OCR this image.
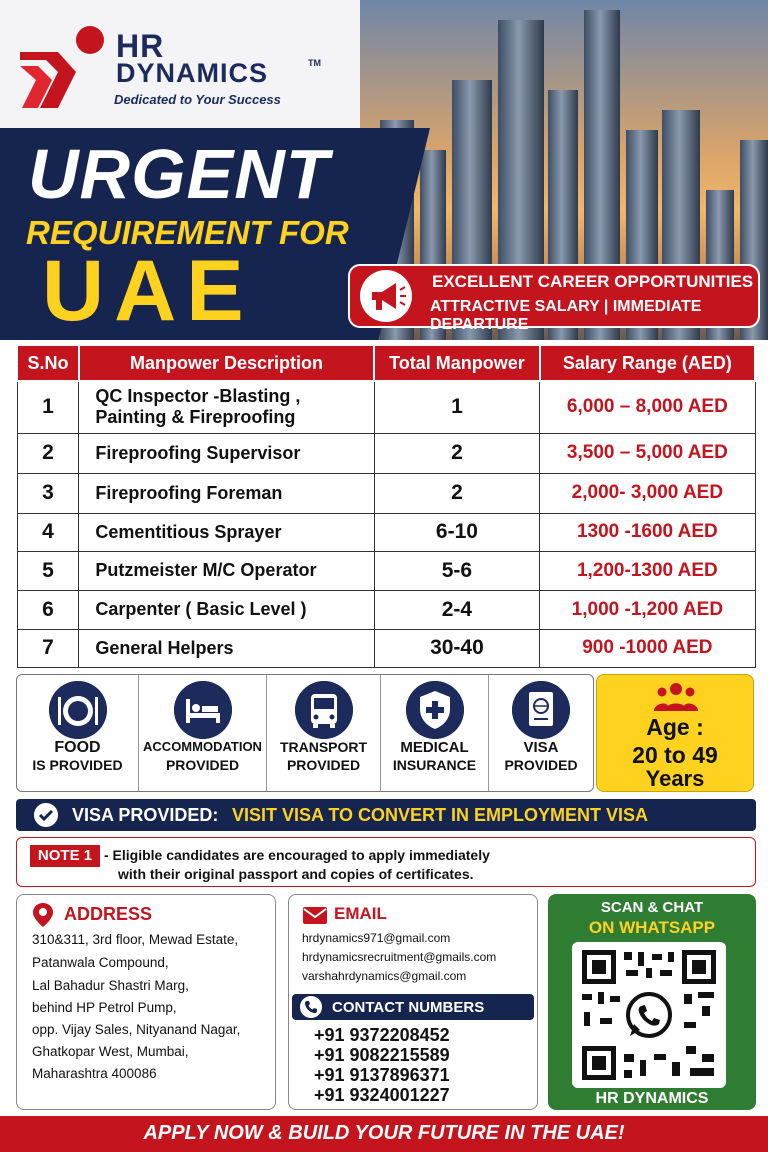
HR
DYNAMICS	TM
Dedicated to Your Success
URGENT
REQUIREMENT FOR
UAE	EXCELLENT CAREER OPPORTUNITIES
ATTRACTIVE SALARY | IMMEDIATE DEPARTURE
S.No	Manpower Description	Total Manpower	Salary Range (AED)
1	QC Inspector -Blasting ,
Painting & Fireproofing	1	6,000 – 8,000 AED
2	Fireproofing Supervisor	2	3,500 – 5,000 AED
3	Fireproofing Foreman	2	2,000- 3,000 AED
4	Cementitious Sprayer	6-10	1300 -1600 AED
5	Putzmeister M/C Operator	5-6	1,200-1300 AED
6	Carpenter ( Basic Level )	2-4	1,000 -1,200 AED
7	General Helpers	30-40	900 -1000 AED
FOOD
IS PROVIDED
ACCOMMODATION
PROVIDED
TRANSPORT
PROVIDED
MEDICAL
INSURANCE
VISA
PROVIDED
Age :
20 to 49
Years
VISA PROVIDED: VISIT VISA TO CONVERT IN EMPLOYMENT VISA
NOTE 1 - Eligible candidates are encouraged to apply immediately
with their original passport and copies of certificates.
ADDRESS
310&311, 3rd floor, Mewad Estate,
Patanwala Compound,
Lal Bahadur Shastri Marg,
behind HP Petrol Pump,
opp. Vijay Sales, Nityanand Nagar,
Ghatkopar West, Mumbai,
Maharashtra 400086
EMAIL
hrdynamics971@gmail.com
hrdynamicsrecruitment@gmails.com
varshahrdynamics@gmail.com
CONTACT NUMBERS
+91 9372208452
+91 9082215589
+91 9137896371
+91 9324001227
SCAN & CHAT
ON WHATSAPP
HR DYNAMICS
APPLY NOW & BUILD YOUR FUTURE IN THE UAE!
